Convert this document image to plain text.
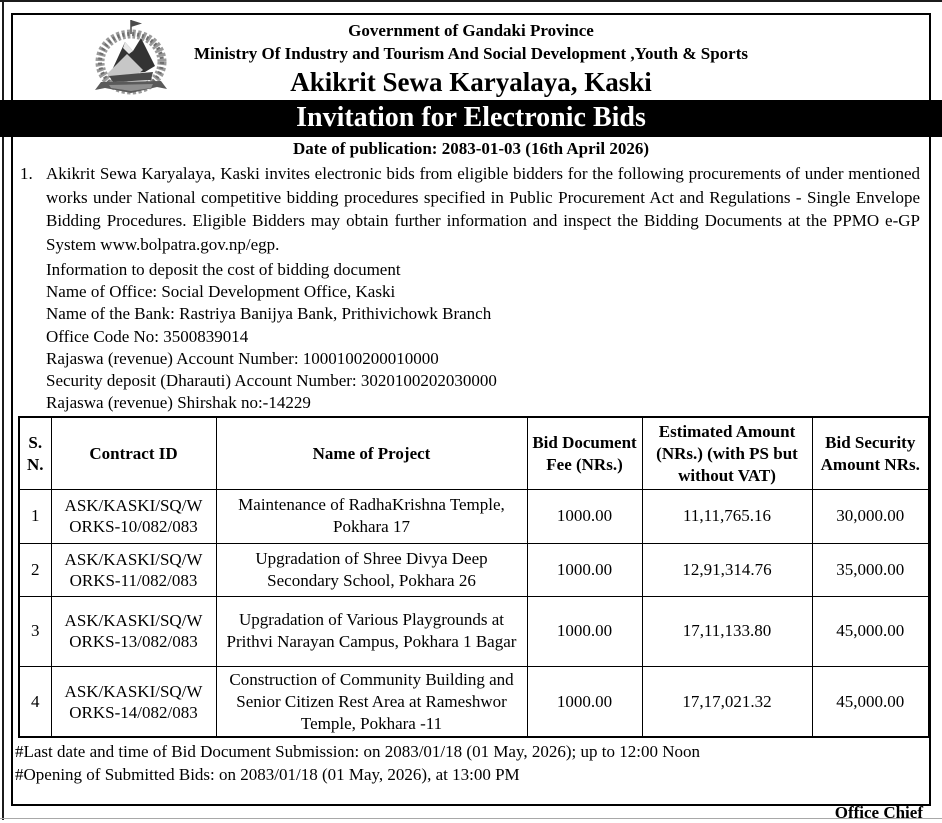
Invitation for Electronic Bids
Government of Gandaki Province
Ministry Of Industry and Tourism And Social Development ,Youth & Sports
Akikrit Sewa Karyalaya, Kaski
Date of publication: 2083-01-03 (16th April 2026)
1. Akikrit Sewa Karyalaya, Kaski invites electronic bids from eligible bidders for the following procurements of under mentioned works under National competitive bidding procedures specified in Public Procurement Act and Regulations - Single Envelope Bidding Procedures. Eligible Bidders may obtain further information and inspect the Bidding Documents at the PPMO e-GP System www.bolpatra.gov.np/egp.
Information to deposit the cost of bidding document
Name of Office: Social Development Office, Kaski
Name of the Bank: Rastriya Banijya Bank, Prithivichowk Branch
Office Code No: 3500839014
Rajaswa (revenue) Account Number: 1000100200010000
Security deposit (Dharauti) Account Number: 3020100202030000
Rajaswa (revenue) Shirshak no:-14229
S. N.	Contract ID	Name of Project	Bid Document Fee (NRs.)	Estimated Amount (NRs.) (with PS but without VAT)	Bid Security Amount NRs.
1	ASK/KASKI/SQ/WORKS-10/082/083	Maintenance of RadhaKrishna Temple, Pokhara 17	1000.00	11,11,765.16	30,000.00
2	ASK/KASKI/SQ/WORKS-11/082/083	Upgradation of Shree Divya Deep Secondary School, Pokhara 26	1000.00	12,91,314.76	35,000.00
3	ASK/KASKI/SQ/WORKS-13/082/083	Upgradation of Various Playgrounds at Prithvi Narayan Campus, Pokhara 1 Bagar	1000.00	17,11,133.80	45,000.00
4	ASK/KASKI/SQ/WORKS-14/082/083	Construction of Community Building and Senior Citizen Rest Area at Rameshwor Temple, Pokhara -11	1000.00	17,17,021.32	45,000.00
#Last date and time of Bid Document Submission: on 2083/01/18 (01 May, 2026); up to 12:00 Noon
#Opening of Submitted Bids: on 2083/01/18 (01 May, 2026), at 13:00 PM
Office Chief
